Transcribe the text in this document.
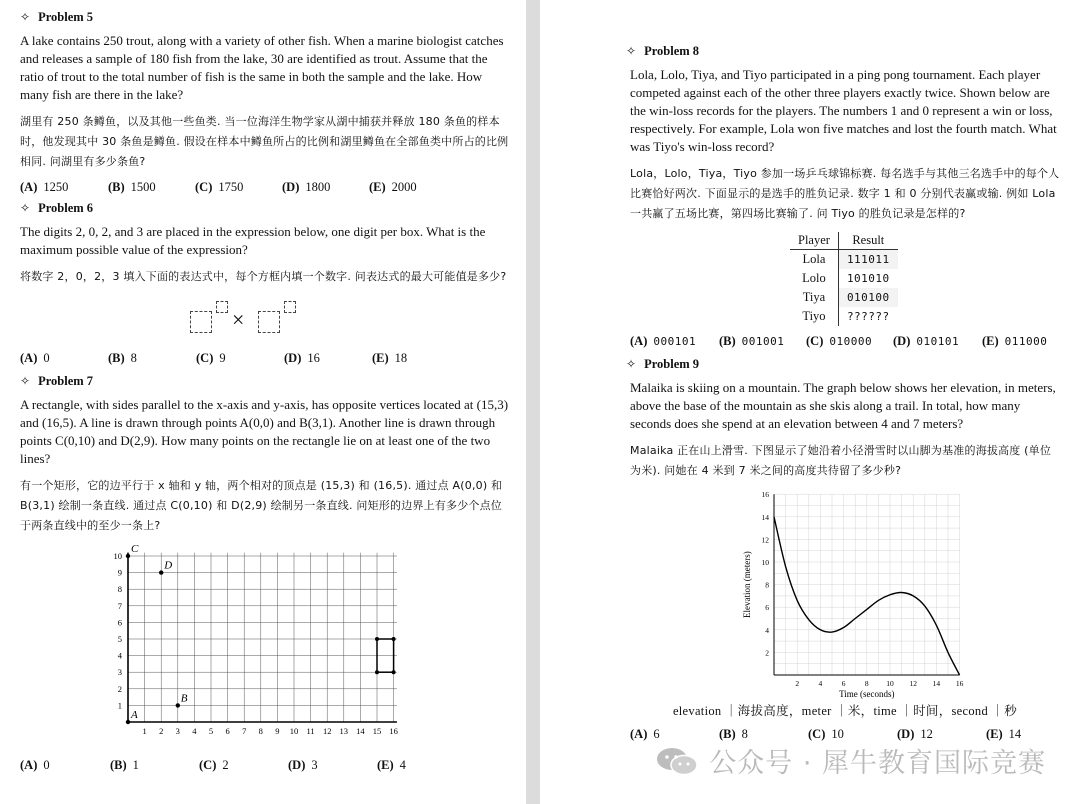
✧ Problem 5

A lake contains 250 trout, along with a variety of other fish. When a marine biologist catches and releases a sample of 180 fish from the lake, 30 are identified as trout. Assume that the ratio of trout to the total number of fish is the same in both the sample and the lake. How many fish are there in the lake?

湖里有 250 条鳟鱼，以及其他一些鱼类. 当一位海洋生物学家从湖中捕获并释放 180 条鱼的样本时，他发现其中 30 条鱼是鳟鱼. 假设在样本中鳟鱼所占的比例和湖里鳟鱼在全部鱼类中所占的比例相同. 问湖里有多少条鱼?

(A) 1250	(B) 1500	(C) 1750	(D) 1800	(E) 2000
✧ Problem 6

The digits 2, 0, 2, and 3 are placed in the expression below, one digit per box. What is the maximum possible value of the expression?

将数字 2，0，2，3 填入下面的表达式中，每个方框内填一个数字. 问表达式的最大可能值是多少?

×
(A) 0	(B) 8	(C) 9	(D) 16	(E) 18
✧ Problem 7

A rectangle, with sides parallel to the x-axis and y-axis, has opposite vertices located at (15,3) and (16,5). A line is drawn through points A(0,0) and B(3,1). Another line is drawn through points C(0,10) and D(2,9). How many points on the rectangle lie on at least one of the two lines?

有一个矩形，它的边平行于 x 轴和 y 轴，两个相对的顶点是 (15,3) 和 (16,5). 通过点 A(0,0) 和 B(3,1) 绘制一条直线. 通过点 C(0,10) 和 D(2,9) 绘制另一条直线. 问矩形的边界上有多少个点位于两条直线中的至少一条上?

1 2 3 4 5 6 7 8 9 10 11 12 13 14 15 16
1
2
3
4
5
6
7
8
9
10
A
B
C
D
(A) 0	(B) 1	(C) 2	(D) 3	(E) 4
✧ Problem 8

Lola, Lolo, Tiya, and Tiyo participated in a ping pong tournament. Each player competed against each of the other three players exactly twice. Shown below are the win-loss records for the players. The numbers 1 and 0 represent a win or loss, respectively. For example, Lola won five matches and lost the fourth match. What was Tiyo's win-loss record?

Lola，Lolo，Tiya，Tiyo 参加一场乒乓球锦标赛. 每名选手与其他三名选手中的每个人比赛恰好两次. 下面显示的是选手的胜负记录. 数字 1 和 0 分别代表赢或输. 例如 Lola 一共赢了五场比赛，第四场比赛输了. 问 Tiyo 的胜负记录是怎样的?

Player	Result
Lola	111011
Lolo	101010
Tiya	010100
Tiyo	??????
(A) 000101	(B) 001001	(C) 010000	(D) 010101	(E) 011000
✧ Problem 9

Malaika is skiing on a mountain. The graph below shows her elevation, in meters, above the base of the mountain as she skis along a trail. In total, how many seconds does she spend at an elevation between 4 and 7 meters?

Malaika 正在山上滑雪. 下图显示了她沿着小径滑雪时以山脚为基准的海拔高度 (单位为米). 问她在 4 米到 7 米之间的高度共待留了多少秒?

2	4	6	8 10 12 14 16
2
4
6
8
10
12
14
16
Time (seconds)
Elevation (meters)
elevation ｜海拔高度，meter ｜米，time ｜时间，second ｜秒
(A) 6	(B) 8	(C) 10	(D) 12	(E) 14
公众号 · 犀牛教育国际竞赛
